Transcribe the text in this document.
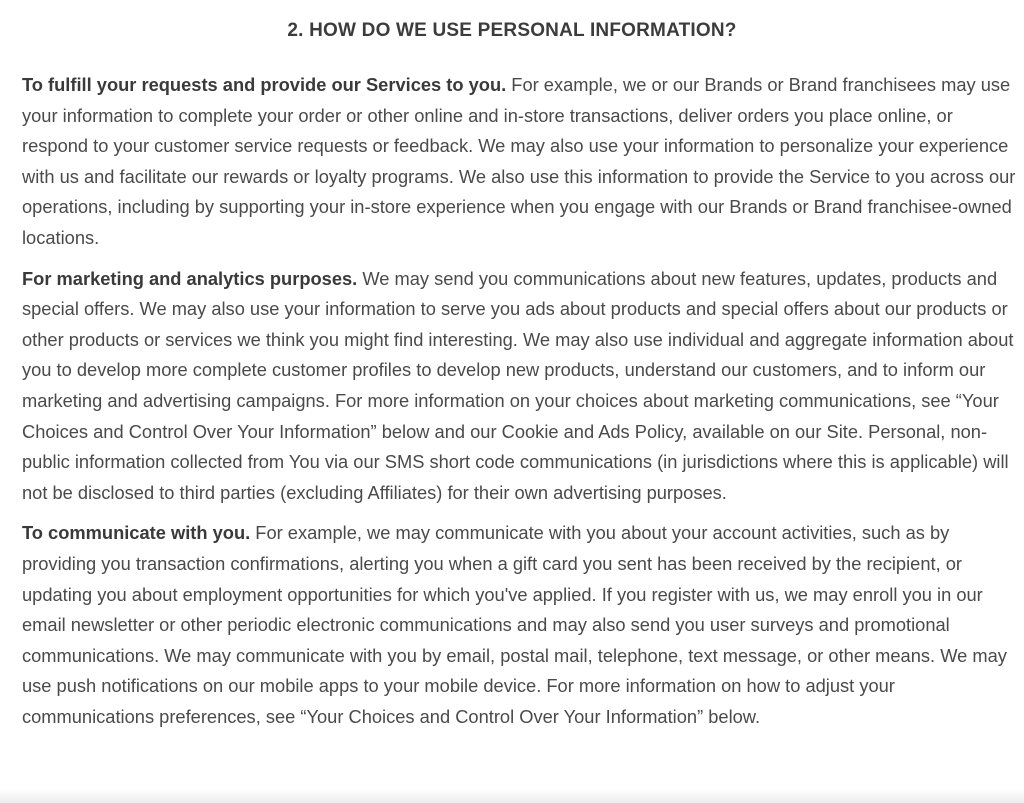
2. HOW DO WE USE PERSONAL INFORMATION?

To fulfill your requests and provide our Services to you. For example, we or our Brands or Brand franchisees may use your information to complete your order or other online and in-store transactions, deliver orders you place online, or respond to your customer service requests or feedback. We may also use your information to personalize your experience with us and facilitate our rewards or loyalty programs. We also use this information to provide the Service to you across our operations, including by supporting your in-store experience when you engage with our Brands or Brand franchisee-owned locations.

For marketing and analytics purposes. We may send you communications about new features, updates, products and special offers. We may also use your information to serve you ads about products and special offers about our products or other products or services we think you might find interesting. We may also use individual and aggregate information about you to develop more complete customer profiles to develop new products, understand our customers, and to inform our marketing and advertising campaigns. For more information on your choices about marketing communications, see “Your Choices and Control Over Your Information” below and our Cookie and Ads Policy, available on our Site. Personal, non-public information collected from You via our SMS short code communications (in jurisdictions where this is applicable) will not be disclosed to third parties (excluding Affiliates) for their own advertising purposes.

To communicate with you. For example, we may communicate with you about your account activities, such as by providing you transaction confirmations, alerting you when a gift card you sent has been received by the recipient, or updating you about employment opportunities for which you've applied. If you register with us, we may enroll you in our email newsletter or other periodic electronic communications and may also send you user surveys and promotional communications. We may communicate with you by email, postal mail, telephone, text message, or other means. We may use push notifications on our mobile apps to your mobile device. For more information on how to adjust your communications preferences, see “Your Choices and Control Over Your Information” below.
